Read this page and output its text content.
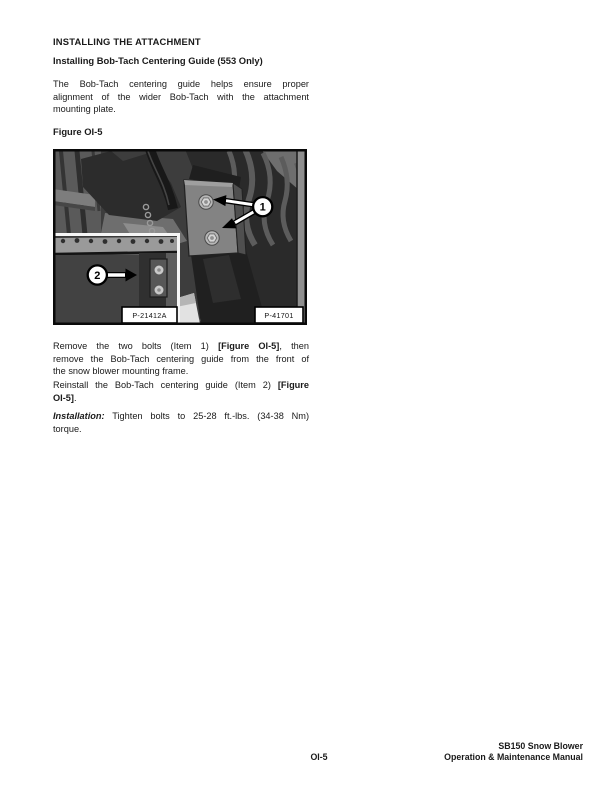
INSTALLING THE ATTACHMENT
Installing Bob-Tach Centering Guide (553 Only)
The Bob-Tach centering guide helps ensure proper
alignment of the wider Bob-Tach with the attachment
mounting plate.
Figure OI-5
1
2
P-21412A	P-41701
Remove the two bolts (Item 1) [Figure OI-5], then
remove the Bob-Tach centering guide from the front of
the snow blower mounting frame.
Reinstall the Bob-Tach centering guide (Item 2) [Figure
OI-5].
Installation: Tighten bolts to 25-28 ft.-lbs. (34-38 Nm)
torque.
OI-5
SB150 Snow Blower
Operation & Maintenance Manual
